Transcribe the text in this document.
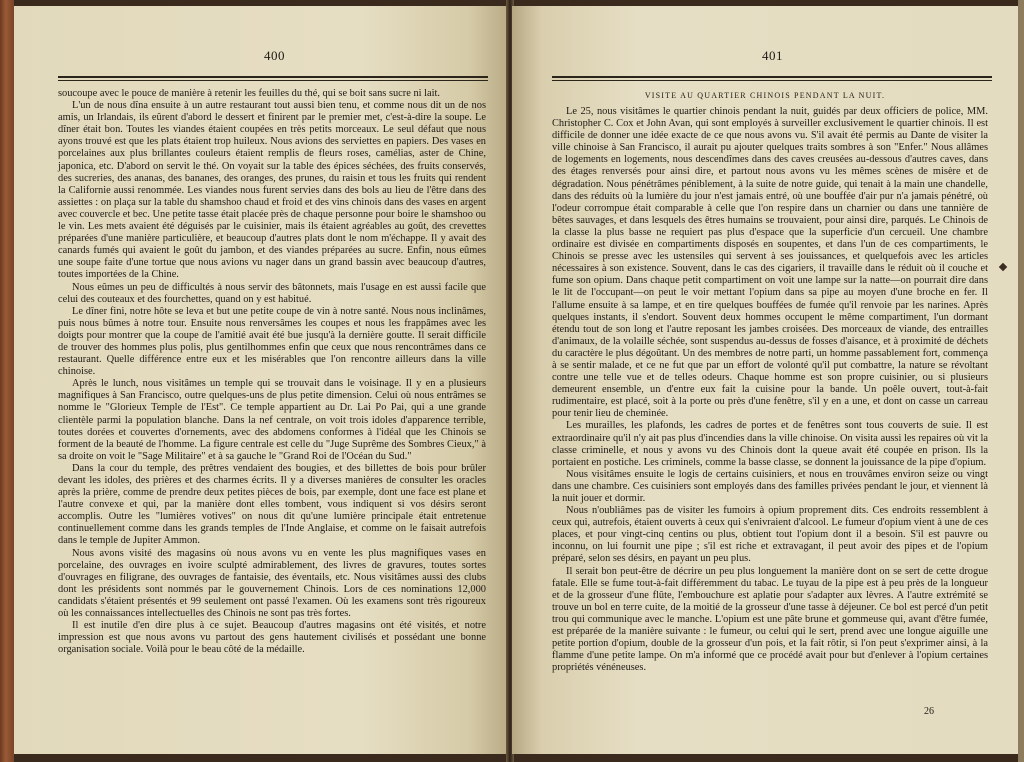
400

soucoupe avec le pouce de manière à retenir les feuilles du thé, qui se boit sans sucre ni lait.

L'un de nous dîna ensuite à un autre restaurant tout aussi bien tenu, et comme nous dit un de nos amis, un Irlandais, ils eûrent d'abord le dessert et finirent par le premier met, c'est-à-dire la soupe. Le dîner était bon. Toutes les viandes étaient coupées en très petits morceaux. Le seul défaut que nous ayons trouvé est que les plats étaient trop huileux. Nous avions des serviettes en papiers. Des vases en porcelaines aux plus brillantes couleurs étaient remplis de fleurs roses, camélias, aster de Chine, japonica, etc. D'abord on servit le thé. On voyait sur la table des épices séchées, des fruits conservés, des sucreries, des ananas, des bananes, des oranges, des prunes, du raisin et tous les fruits qui rendent la Californie aussi renommée. Les viandes nous furent servies dans des bols au lieu de l'être dans des assiettes : on plaça sur la table du shamshoo chaud et froid et des vins chinois dans des vases en argent avec couvercle et bec. Une petite tasse était placée près de chaque personne pour boire le shamshoo ou le vin. Les mets avaient été déguisés par le cuisinier, mais ils étaient agréables au goût, des crevettes préparées d'une manière particulière, et beaucoup d'autres plats dont le nom m'échappe. Il y avait des canards fumés qui avaient le goût du jambon, et des viandes préparées au sucre. Enfin, nous eûmes une soupe faite d'une tortue que nous avions vu nager dans un grand bassin avec beaucoup d'autres, toutes importées de la Chine.

Nous eûmes un peu de difficultés à nous servir des bâtonnets, mais l'usage en est aussi facile que celui des couteaux et des fourchettes, quand on y est habitué.

Le dîner fini, notre hôte se leva et but une petite coupe de vin à notre santé. Nous nous inclinâmes, puis nous bûmes à notre tour. Ensuite nous renversâmes les coupes et nous les frappâmes avec les doigts pour montrer que la coupe de l'amitié avait été bue jusqu'à la dernière goutte. Il serait difficile de trouver des hommes plus polis, plus gentilhommes enfin que ceux que nous rencontrâmes dans ce restaurant. Quelle différence entre eux et les misérables que l'on rencontre ailleurs dans la ville chinoise.

Après le lunch, nous visitâmes un temple qui se trouvait dans le voisinage. Il y en a plusieurs magnifiques à San Francisco, outre quelques-uns de plus petite dimension. Celui où nous entrâmes se nomme le "Glorieux Temple de l'Est". Ce temple appartient au Dr. Lai Po Pai, qui a une grande clientèle parmi la population blanche. Dans la nef centrale, on voit trois idoles d'apparence terrible, toutes dorées et couvertes d'ornements, avec des abdomens conformes à l'idéal que les Chinois se forment de la beauté de l'homme. La figure centrale est celle du "Juge Suprême des Sombres Cieux," à sa droite on voit le "Sage Militaire" et à sa gauche le "Grand Roi de l'Océan du Sud."

Dans la cour du temple, des prêtres vendaient des bougies, et des billettes de bois pour brûler devant les idoles, des prières et des charmes écrits. Il y a diverses manières de consulter les oracles après la prière, comme de prendre deux petites pièces de bois, par exemple, dont une face est plane et l'autre convexe et qui, par la manière dont elles tombent, vous indiquent si vos désirs seront accomplis. Outre les "lumières votives" on nous dit qu'une lumière principale était entretenue continuellement comme dans les grands temples de l'Inde Anglaise, et comme on le faisait autrefois dans le temple de Jupiter Ammon.

Nous avons visité des magasins où nous avons vu en vente les plus magnifiques vases en porcelaine, des ouvrages en ivoire sculpté admirablement, des livres de gravures, toutes sortes d'ouvrages en filigrane, des ouvrages de fantaisie, des éventails, etc. Nous visitâmes aussi des clubs dont les présidents sont nommés par le gouvernement Chinois. Lors de ces nominations 12,000 candidats s'étaient présentés et 99 seulement ont passé l'examen. Où les examens sont très rigoureux où les connaissances intellectuelles des Chinois ne sont pas très fortes.

Il est inutile d'en dire plus à ce sujet. Beaucoup d'autres magasins ont été visités, et notre impression est que nous avons vu partout des gens hautement civilisés et possédant une bonne organisation sociale. Voilà pour le beau côté de la médaille.

401
VISITE AU QUARTIER CHINOIS PENDANT LA NUIT.

Le 25, nous visitâmes le quartier chinois pendant la nuit, guidés par deux officiers de police, MM. Christopher C. Cox et John Avan, qui sont employés à surveiller exclusivement le quartier chinois. Il est difficile de donner une idée exacte de ce que nous avons vu. S'il avait été permis au Dante de visiter la ville chinoise à San Francisco, il aurait pu ajouter quelques traits sombres à son "Enfer." Nous allâmes de logements en logements, nous descendîmes dans des caves creusées au-dessous d'autres caves, dans des étages renversés pour ainsi dire, et partout nous avons vu les mêmes scènes de misère et de dégradation. Nous pénétrâmes péniblement, à la suite de notre guide, qui tenait à la main une chandelle, dans des réduits où la lumière du jour n'est jamais entré, où une bouffée d'air pur n'a jamais pénétré, où l'odeur corrompue était comparable à celle que l'on respire dans un charnier ou dans une tannière de bêtes sauvages, et dans lesquels des êtres humains se trouvaient, pour ainsi dire, parqués. Le Chinois de la classe la plus basse ne requiert pas plus d'espace que la superficie d'un cercueil. Une chambre ordinaire est divisée en compartiments disposés en soupentes, et dans l'un de ces compartiments, le Chinois se presse avec les ustensiles qui servent à ses jouissances, et quelquefois avec les articles nécessaires à son existence. Souvent, dans le cas des cigariers, il travaille dans le réduit où il couche et fume son opium. Dans chaque petit compartiment on voit une lampe sur la natte—on pourrait dire dans le lit de l'occupant—on peut le voir mettant l'opium dans sa pipe au moyen d'une broche en fer. Il l'allume ensuite à sa lampe, et en tire quelques bouffées de fumée qu'il renvoie par les narines. Après quelques instants, il s'endort. Souvent deux hommes occupent le même compartiment, l'un dormant étendu tout de son long et l'autre reposant les jambes croisées. Des morceaux de viande, des entrailles d'animaux, de la volaille séchée, sont suspendus au-dessus de fosses d'aisance, et à proximité de déchets du caractère le plus dégoûtant. Un des membres de notre parti, un homme passablement fort, commença à se sentir malade, et ce ne fut que par un effort de volonté qu'il put combattre, la nature se révoltant contre une telle vue et de telles odeurs. Chaque homme est son propre cuisinier, ou si plusieurs demeurent ensemble, un d'entre eux fait la cuisine pour la bande. Un poêle ouvert, tout-à-fait rudimentaire, est placé, soit à la porte ou près d'une fenêtre, s'il y en a une, et dont on casse un carreau pour tenir lieu de cheminée.

Les murailles, les plafonds, les cadres de portes et de fenêtres sont tous couverts de suie. Il est extraordinaire qu'il n'y ait pas plus d'incendies dans la ville chinoise. On visita aussi les repaires où vit la classe criminelle, et nous y avons vu des Chinois dont la queue avait été coupée en prison. Ils la portaient en postiche. Les criminels, comme la basse classe, se donnent la jouissance de la pipe d'opium.

Nous visitâmes ensuite le logis de certains cuisiniers, et nous en trouvâmes environ seize ou vingt dans une chambre. Ces cuisiniers sont employés dans des familles privées pendant le jour, et viennent là la nuit jouer et dormir.

Nous n'oubliâmes pas de visiter les fumoirs à opium proprement dits. Ces endroits ressemblent à ceux qui, autrefois, étaient ouverts à ceux qui s'enivraient d'alcool. Le fumeur d'opium vient à une de ces places, et pour vingt-cinq centins ou plus, obtient tout l'opium dont il a besoin. S'il est pauvre ou inconnu, on lui fournit une pipe ; s'il est riche et extravagant, il peut avoir des pipes et de l'opium préparé, selon ses désirs, en payant un peu plus.

Il serait bon peut-être de décrire un peu plus longuement la manière dont on se sert de cette drogue fatale. Elle se fume tout-à-fait différemment du tabac. Le tuyau de la pipe est à peu près de la longueur et de la grosseur d'une flûte, l'embouchure est aplatie pour s'adapter aux lèvres. A l'autre extrémité se trouve un bol en terre cuite, de la moitié de la grosseur d'une tasse à déjeuner. Ce bol est percé d'un petit trou qui communique avec le manche. L'opium est une pâte brune et gommeuse qui, avant d'être fumée, est préparée de la manière suivante : le fumeur, ou celui qui le sert, prend avec une longue aiguille une petite portion d'opium, double de la grosseur d'un pois, et la fait rôtir, si l'on peut s'exprimer ainsi, à la flamme d'une petite lampe. On m'a informé que ce procédé avait pour but d'enlever à l'opium certaines propriétés vénéneuses.

26
